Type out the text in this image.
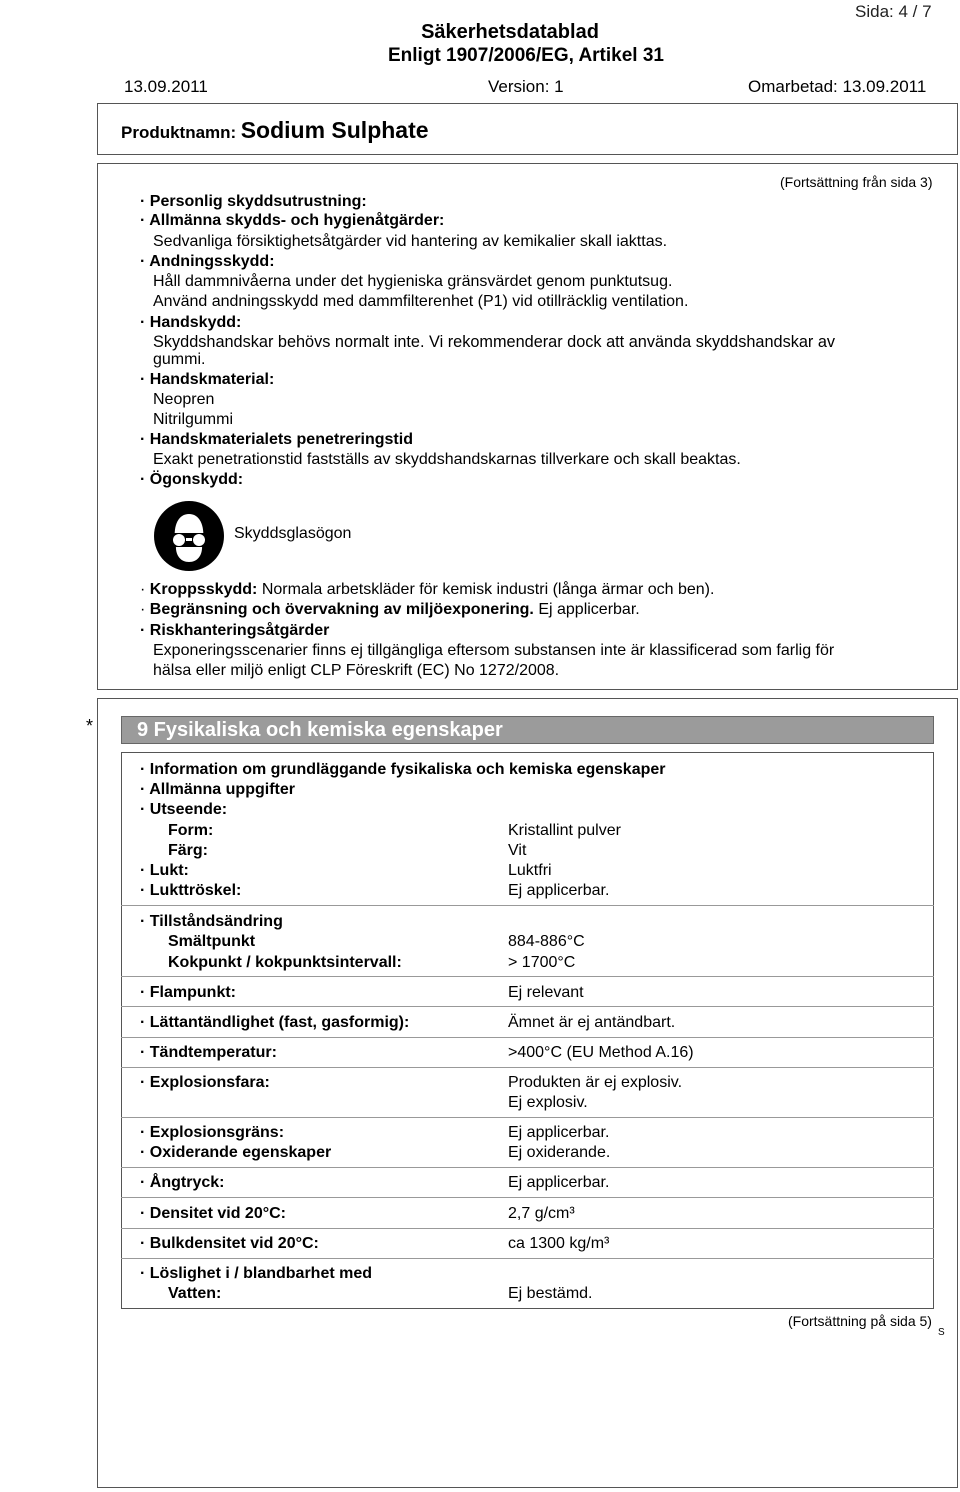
Sida: 4 / 7
Säkerhetsdatablad
Enligt 1907/2006/EG, Artikel 31
13.09.2011	Version: 1	Omarbetad: 13.09.2011
Produktnamn: Sodium Sulphate
(Fortsättning från sida 3)
· Personlig skyddsutrustning:
· Allmänna skydds- och hygienåtgärder:
Sedvanliga försiktighetsåtgärder vid hantering av kemikalier skall iakttas.
· Andningsskydd:
Håll dammnivåerna under det hygieniska gränsvärdet genom punktutsug.
Använd andningsskydd med dammfilterenhet (P1) vid otillräcklig ventilation.
· Handskydd:
Skyddshandskar behövs normalt inte. Vi rekommenderar dock att använda skyddshandskar av
gummi.
· Handskmaterial:
Neopren
Nitrilgummi
· Handskmaterialets penetreringstid
Exakt penetrationstid fastställs av skyddshandskarnas tillverkare och skall beaktas.
· Ögonskydd:
Skyddsglasögon
· Kroppsskydd: Normala arbetskläder för kemisk industri (långa ärmar och ben).
· Begränsning och övervakning av miljöexponering. Ej applicerbar.
· Riskhanteringsåtgärder
Exponeringsscenarier finns ej tillgängliga eftersom substansen inte är klassificerad som farlig för
hälsa eller miljö enligt CLP Föreskrift (EC) No 1272/2008.
* 9 Fysikaliska och kemiska egenskaper
· Information om grundläggande fysikaliska och kemiska egenskaper
· Allmänna uppgifter
· Utseende:
Form:	Kristallint pulver
Färg:	Vit
· Lukt:	Luktfri
· Lukttröskel:	Ej applicerbar.
· Tillståndsändring
Smältpunkt	884-886°C
Kokpunkt / kokpunktsintervall:	> 1700°C
· Flampunkt:	Ej relevant
· Lättantändlighet (fast, gasformig):	Ämnet är ej antändbart.
· Tändtemperatur:	>400°C (EU Method A.16)
· Explosionsfara:	Produkten är ej explosiv.
Ej explosiv.
· Explosionsgräns:	Ej applicerbar.
· Oxiderande egenskaper	Ej oxiderande.
· Ångtryck:	Ej applicerbar.
· Densitet vid 20°C:	2,7 g/cm³
· Bulkdensitet vid 20°C:	ca 1300 kg/m³
· Löslighet i / blandbarhet med
Vatten:	Ej bestämd.
(Fortsättning på sida 5)
S
